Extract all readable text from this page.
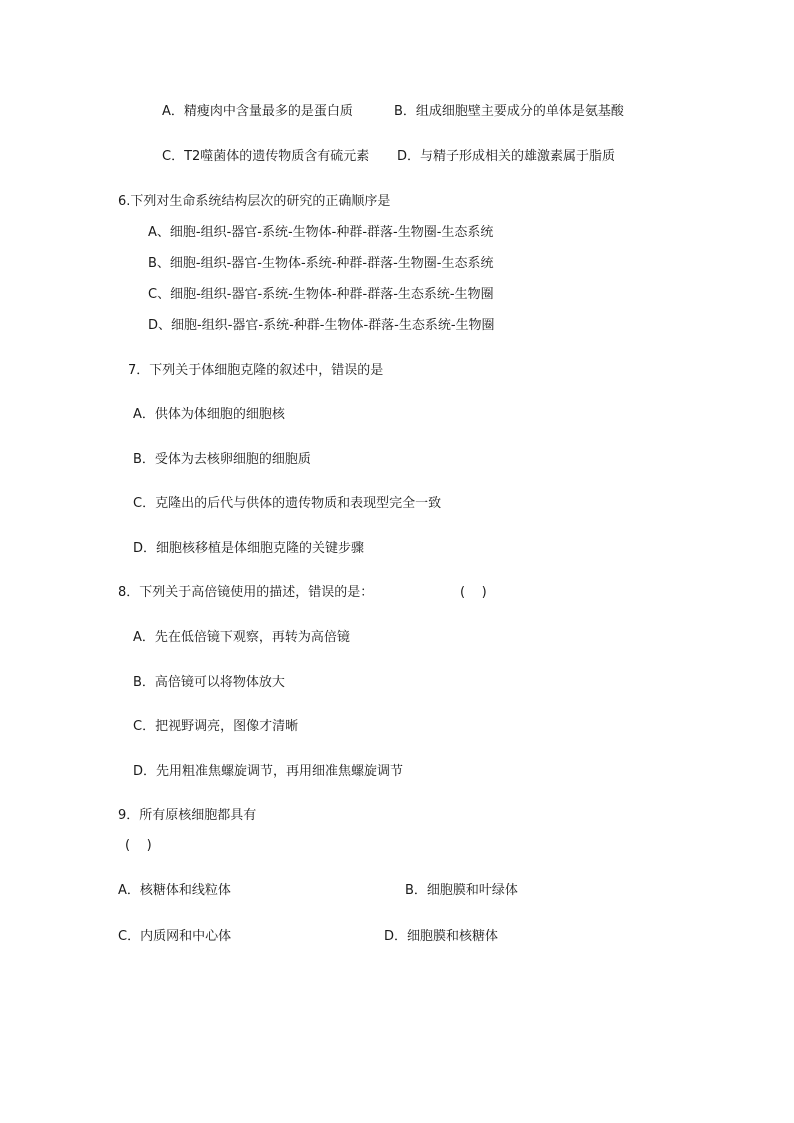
A．精瘦肉中含量最多的是蛋白质	B．组成细胞壁主要成分的单体是氨基酸
C．T2噬菌体的遗传物质含有硫元素 D．与精子形成相关的雄激素属于脂质
6.下列对生命系统结构层次的研究的正确顺序是
A、细胞-组织-器官-系统-生物体-种群-群落-生物圈-生态系统
B、细胞-组织-器官-生物体-系统-种群-群落-生物圈-生态系统
C、细胞-组织-器官-系统-生物体-种群-群落-生态系统-生物圈
D、细胞-组织-器官-系统-种群-生物体-群落-生态系统-生物圈
7．下列关于体细胞克隆的叙述中，错误的是
A．供体为体细胞的细胞核
B．受体为去核卵细胞的细胞质
C．克隆出的后代与供体的遗传物质和表现型完全一致
D．细胞核移植是体细胞克隆的关键步骤
8．下列关于高倍镜使用的描述，错误的是：	(    )
A．先在低倍镜下观察，再转为高倍镜
B．高倍镜可以将物体放大
C．把视野调亮，图像才清晰
D．先用粗准焦螺旋调节，再用细准焦螺旋调节
9．所有原核细胞都具有
(    )
A．核糖体和线粒体	B．细胞膜和叶绿体
C．内质网和中心体	D．细胞膜和核糖体
